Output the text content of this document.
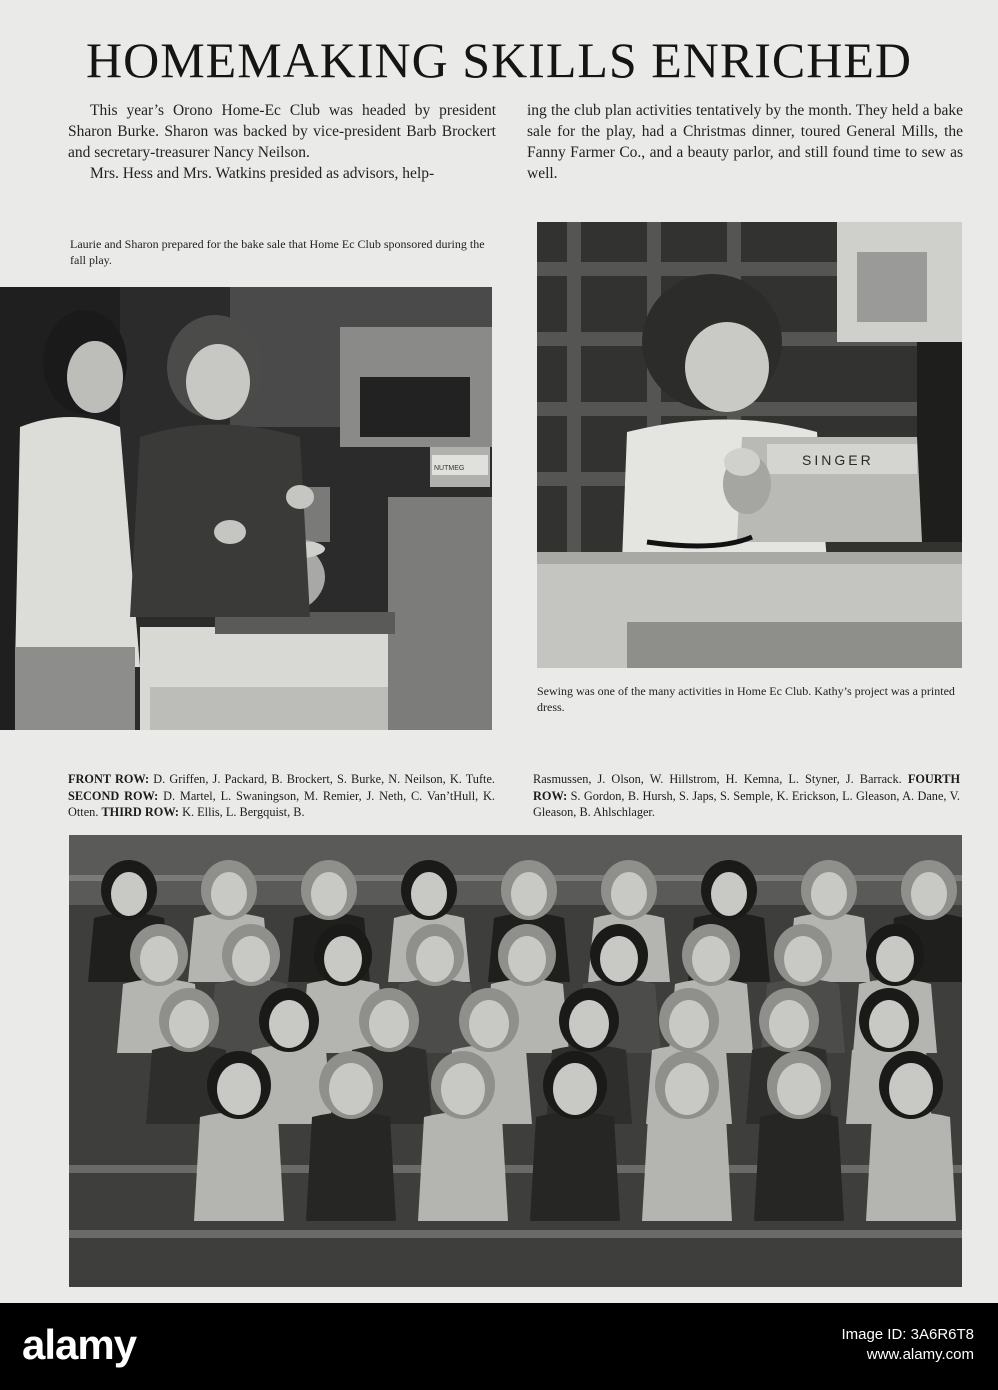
HOMEMAKING SKILLS ENRICHED

This year’s Orono Home-Ec Club was headed by president Sharon Burke. Sharon was backed by vice-president Barb Brockert and secretary-treasurer Nancy Neilson.

Mrs. Hess and Mrs. Watkins presided as advisors, help-

ing the club plan activities tentatively by the month. They held a bake sale for the play, had a Christmas dinner, toured General Mills, the Fanny Farmer Co., and a beauty parlor, and still found time to sew as well.

Laurie and Sharon prepared for the bake sale that Home Ec Club sponsored during the fall play.
NUTMEG
SINGER
Sewing was one of the many activities in Home Ec Club. Kathy’s project was a printed dress.
FRONT ROW: D. Griffen, J. Packard, B. Brockert, S. Burke, N. Neilson, K. Tufte. SECOND ROW: D. Martel, L. Swaningson, M. Remier, J. Neth, C. Van’tHull, K. Otten. THIRD ROW: K. Ellis, L. Bergquist, B.
Rasmussen, J. Olson, W. Hillstrom, H. Kemna, L. Styner, J. Barrack. FOURTH ROW: S. Gordon, B. Hursh, S. Japs, S. Semple, K. Erickson, L. Gleason, A. Dane, V. Gleason, B. Ahlschlager.
alamy	Image ID: 3A6R6T8
www.alamy.com
